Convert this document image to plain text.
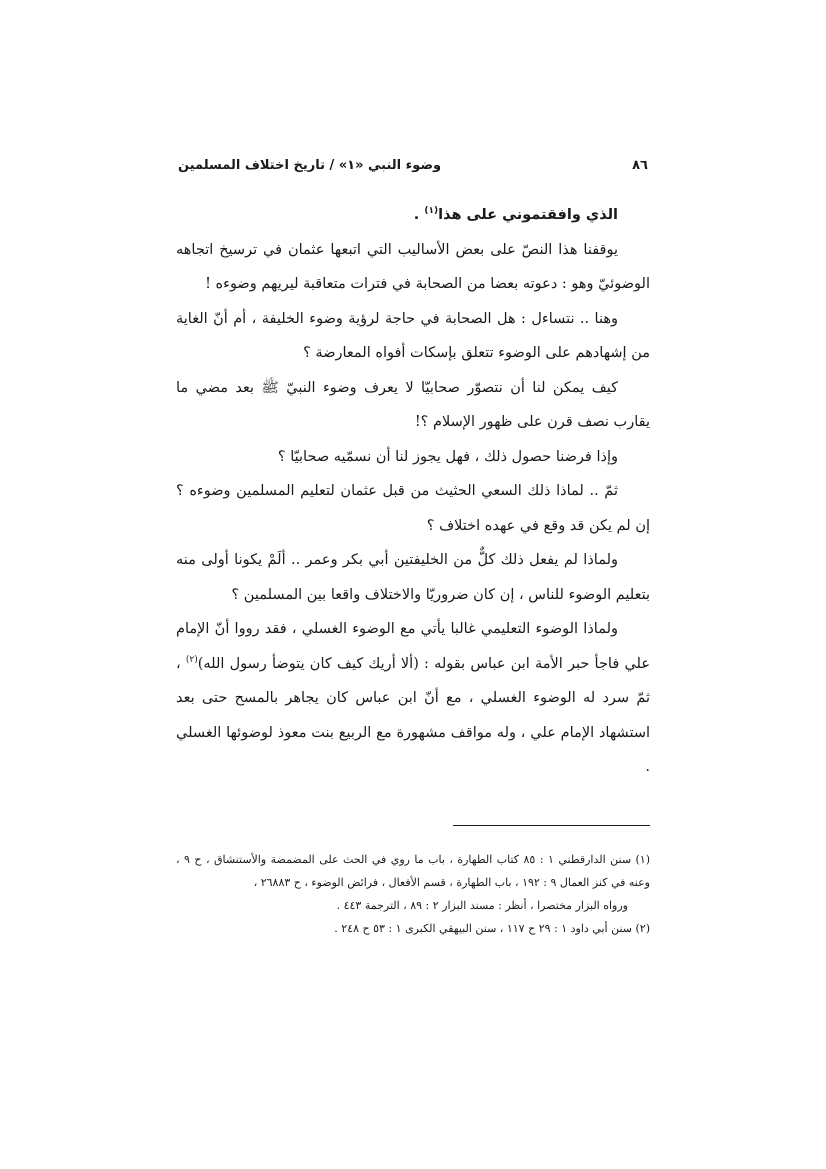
٨٦
وضوء النبي «١» / تاريخ اختلاف المسلمين

الذي وافقتموني على هذا$^{(١)}$ .

يوقفنا هذا النصّ على بعض الأساليب التي اتبعها عثمان في ترسيخ اتجاهه الوضوئيّ وهو : دعوته بعضا من الصحابة في فترات متعاقبة ليريهم وضوءه !

وهنا .. نتساءل : هل الصحابة في حاجة لرؤية وضوء الخليفة ، أم أنّ الغاية من إشهادهم على الوضوء تتعلق بإسكات أفواه المعارضة ؟

كيف يمكن لنا أن نتصوّر صحابيّا لا يعرف وضوء النبيّ ﷺ بعد مضي ما يقارب نصف قرن على ظهور الإسلام ؟!

وإذا فرضنا حصول ذلك ، فهل يجوز لنا أن نسمّيه صحابيّا ؟

ثمّ .. لماذا ذلك السعي الحثيث من قبل عثمان لتعليم المسلمين وضوءه ؟ إن لم يكن قد وقع في عهده اختلاف ؟

ولماذا لم يفعل ذلك كلٌّ من الخليفتين أبي بكر وعمر .. ألَمْ يكونا أولى منه بتعليم الوضوء للناس ، إن كان ضروريّا والاختلاف واقعا بين المسلمين ؟

ولماذا الوضوء التعليمي غالبا يأتي مع الوضوء الغسلي ، فقد رووا أنّ الإمام علي فاجأ حبر الأمة ابن عباس بقوله : (ألا أريك كيف كان يتوضأ رسول الله)$^{(٢)}$ ، ثمّ سرد له الوضوء الغسلي ، مع أنّ ابن عباس كان يجاهر بالمسح حتى بعد استشهاد الإمام علي ، وله مواقف مشهورة مع الربيع بنت معوذ لوضوئها الغسلي .

(١) سنن الدارقطني ١ : ٨٥ كتاب الطهارة ، باب ما روي في الحث على المضمضة والأستنشاق ، ح ٩ ، وعنه في كنز العمال ٩ : ١٩٢ ، باب الطهارة ، قسم الأفعال ، فرائض الوضوء ، ح ٢٦٨٨٣ ،

ورواه البزار مختصرا ، أنظر : مسند البزار ٢ : ٨٩ ، الترجمة ٤٤٣ .

(٢) سنن أبي داود ١ : ٢٩ ح ١١٧ ، سنن البيهقي الكبرى ١ : ٥٣ ح ٢٤٨ .
